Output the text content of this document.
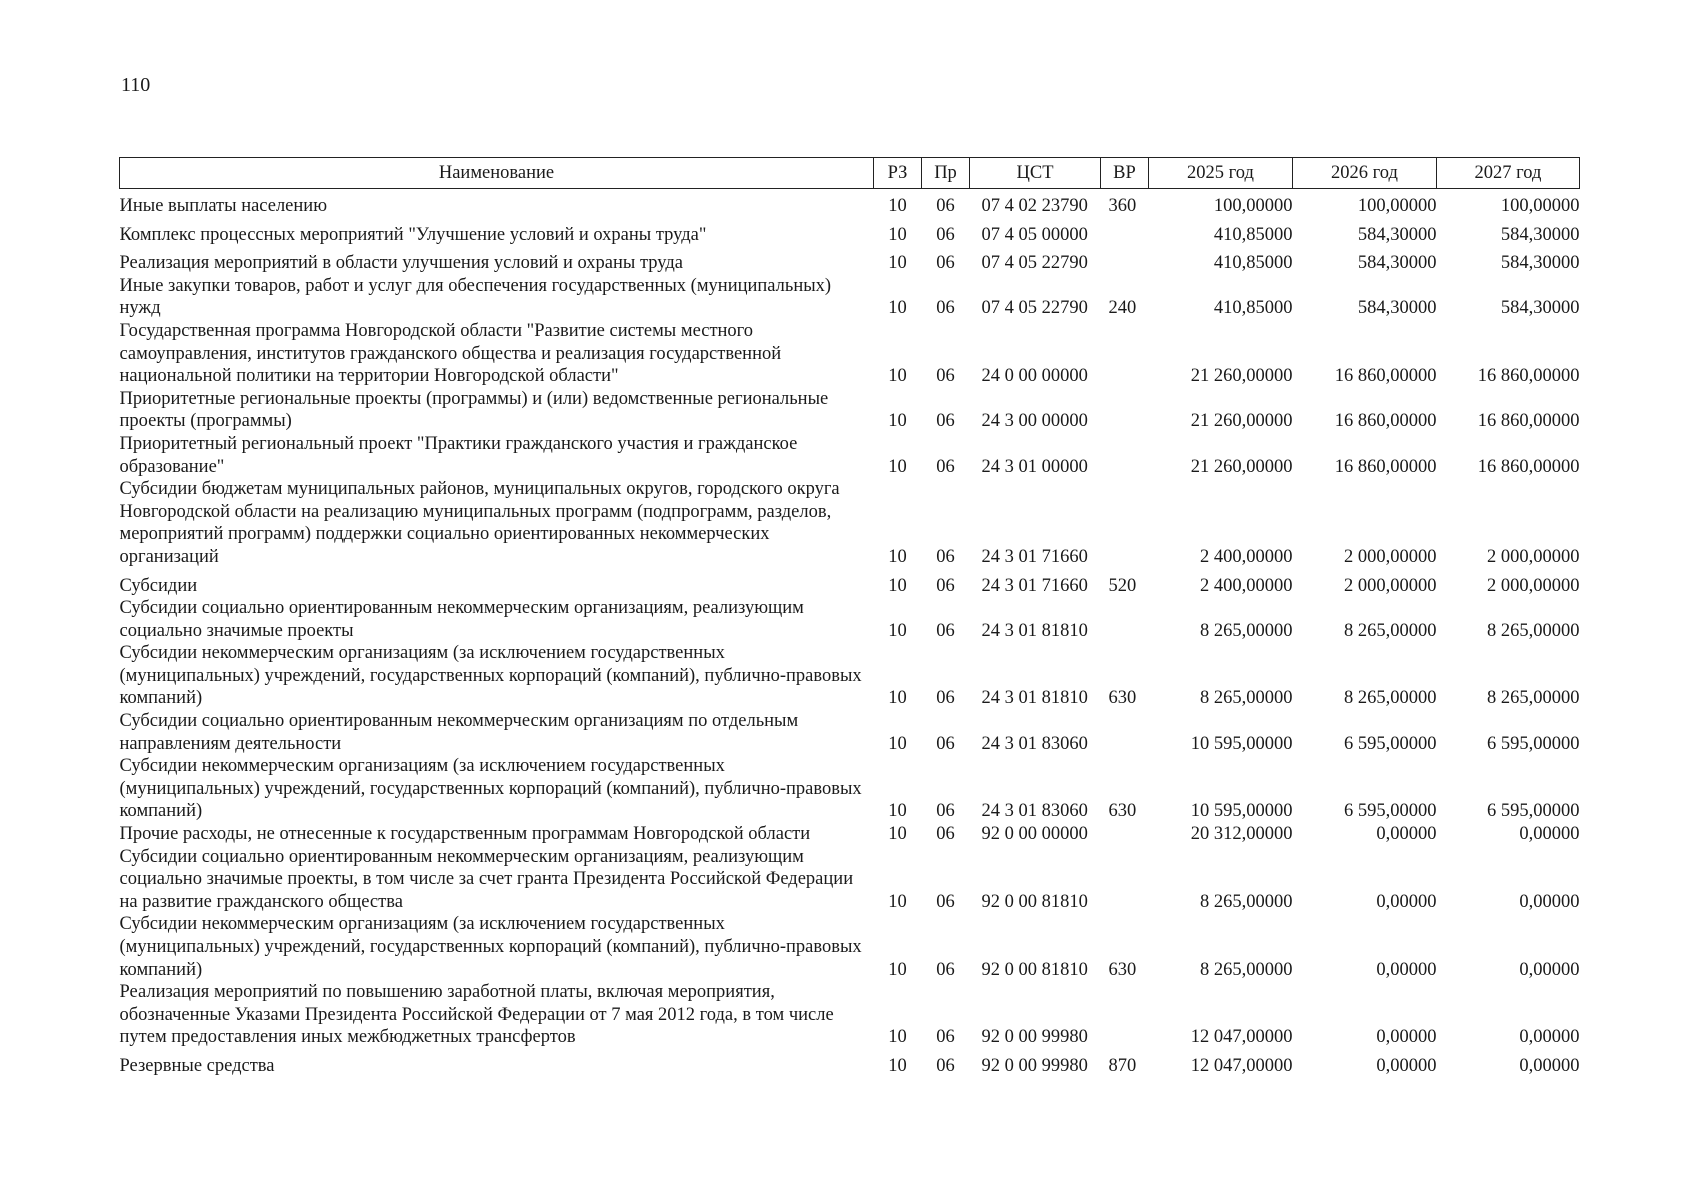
110
Наименование	РЗ	Пр	ЦСТ	ВР	2025 год	2026 год	2027 год
Иные выплаты населению	10	06	07 4 02 23790	360	100,00000	100,00000	100,00000
Комплекс процессных мероприятий "Улучшение условий и охраны труда"	10	06	07 4 05 00000		410,85000	584,30000	584,30000
Реализация мероприятий в области улучшения условий и охраны труда	10	06	07 4 05 22790		410,85000	584,30000	584,30000
Иные закупки товаров, работ и услуг для обеспечения государственных (муниципальных) нужд	10	06	07 4 05 22790	240	410,85000	584,30000	584,30000
Государственная программа Новгородской области "Развитие системы местного самоуправления, институтов гражданского общества и реализация государственной национальной политики на территории Новгородской области"	10	06	24 0 00 00000		21 260,00000	16 860,00000	16 860,00000
Приоритетные региональные проекты (программы) и (или) ведомственные региональные проекты (программы)	10	06	24 3 00 00000		21 260,00000	16 860,00000	16 860,00000
Приоритетный региональный проект "Практики гражданского участия и гражданское образование"	10	06	24 3 01 00000		21 260,00000	16 860,00000	16 860,00000
Субсидии бюджетам муниципальных районов, муниципальных округов, городского округа Новгородской области на реализацию муниципальных программ (подпрограмм, разделов, мероприятий программ) поддержки социально ориентированных некоммерческих организаций	10	06	24 3 01 71660		2 400,00000	2 000,00000	2 000,00000
Субсидии	10	06	24 3 01 71660	520	2 400,00000	2 000,00000	2 000,00000
Субсидии социально ориентированным некоммерческим организациям, реализующим социально значимые проекты	10	06	24 3 01 81810		8 265,00000	8 265,00000	8 265,00000
Субсидии некоммерческим организациям (за исключением государственных (муниципальных) учреждений, государственных корпораций (компаний), публично-правовых компаний)	10	06	24 3 01 81810	630	8 265,00000	8 265,00000	8 265,00000
Субсидии социально ориентированным некоммерческим организациям по отдельным направлениям деятельности	10	06	24 3 01 83060		10 595,00000	6 595,00000	6 595,00000
Субсидии некоммерческим организациям (за исключением государственных (муниципальных) учреждений, государственных корпораций (компаний), публично-правовых компаний)	10	06	24 3 01 83060	630	10 595,00000	6 595,00000	6 595,00000
Прочие расходы, не отнесенные к государственным программам Новгородской области	10	06	92 0 00 00000		20 312,00000	0,00000	0,00000
Субсидии социально ориентированным некоммерческим организациям, реализующим социально значимые проекты, в том числе за счет гранта Президента Российской Федерации на развитие гражданского общества	10	06	92 0 00 81810		8 265,00000	0,00000	0,00000
Субсидии некоммерческим организациям (за исключением государственных (муниципальных) учреждений, государственных корпораций (компаний), публично-правовых компаний)	10	06	92 0 00 81810	630	8 265,00000	0,00000	0,00000
Реализация мероприятий по повышению заработной платы, включая мероприятия, обозначенные Указами Президента Российской Федерации от 7 мая 2012 года, в том числе путем предоставления иных межбюджетных трансфертов	10	06	92 0 00 99980		12 047,00000	0,00000	0,00000
Резервные средства	10	06	92 0 00 99980	870	12 047,00000	0,00000	0,00000
